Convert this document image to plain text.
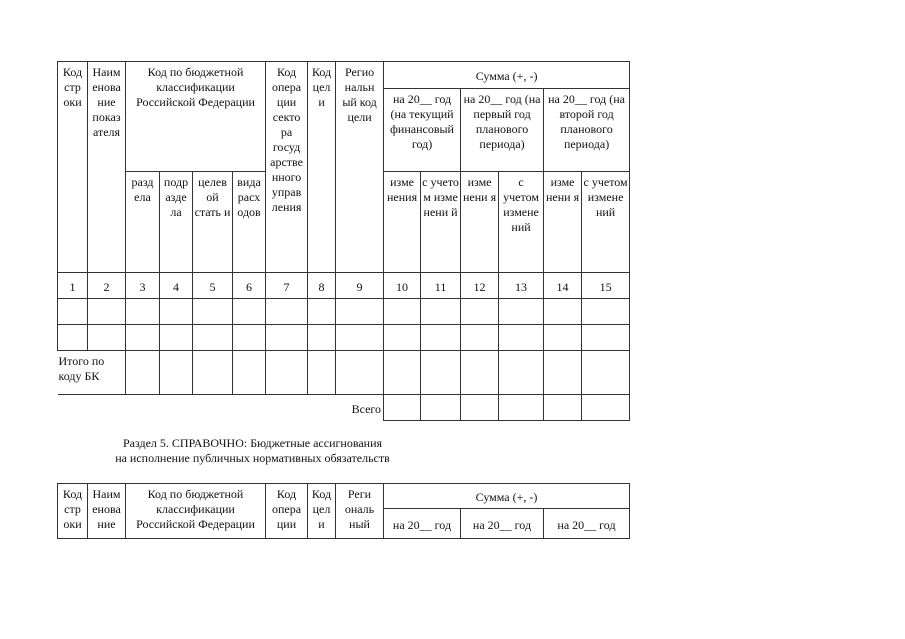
Код стр оки	Наим енова ние показ ателя	Код по бюджетной классификации Российской Федерации				Код опера ции секто ра госуд арстве нного управ ления	Код цел и	Регио нальн ый код цели	Сумма (+, -)					
									на 20__ год (на текущий финансовый год)		на 20__ год (на первый год планового периода)		на 20__ год (на второй год планового периода)	
		разд ела	подр азде ла	целев ой стать и	вида расх одов				изме нения	с учето м изме нени й	изме нени я	с учетом измене ний	изме нени я	с учетом измене ний
1	2	3	4	5	6	7	8	9	10	11	12	13	14	15

Итого по коду БК														
Всего														
Раздел 5. СПРАВОЧНО: Бюджетные ассигнования
на исполнение публичных нормативных обязательств
Код стр оки	Наим енова ние	Код по бюджетной классификации Российской Федерации	Код опера ции	Код цел и	Реги ональ ный	Сумма (+, -)		
						на 20__ год	на 20__ год	на 20__ год
